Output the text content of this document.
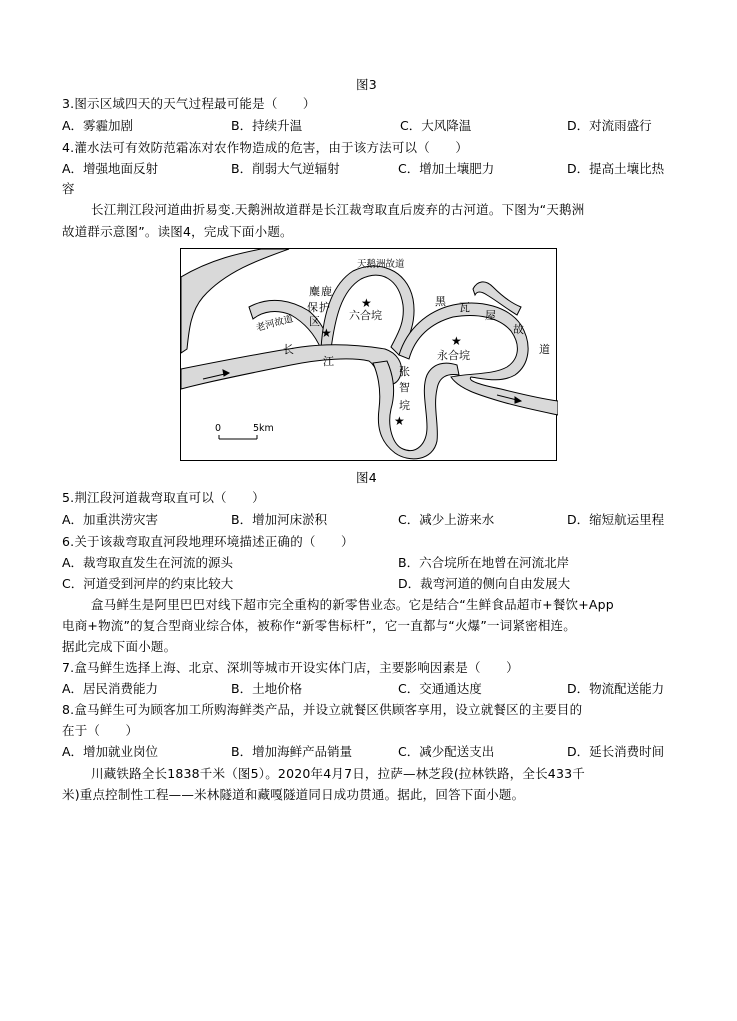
图3
3.图示区域四天的天气过程最可能是（　　）
A．雾霾加剧	B．持续升温	C．大风降温	D．对流雨盛行
4.灌水法可有效防范霜冻对农作物造成的危害，由于该方法可以（　　）
A．增强地面反射	B．削弱大气逆辐射	C．增加土壤肥力	D．提高土壤比热
容
长江荆江段河道曲折易变.天鹅洲故道群是长江裁弯取直后废弃的古河道。下图为“天鹅洲
故道群示意图”。读图4，完成下面小题。
★
★
★
★
天鹅洲故道
麋 鹿
保 护
区
老河故道	六合垸
黑 瓦
屋
故
道
永合垸
长
江
张
智
垸
0	5km
图4
5.荆江段河道裁弯取直可以（　　）
A．加重洪涝灾害	B．增加河床淤积	C．减少上游来水	D．缩短航运里程
6.关于该裁弯取直河段地理环境描述正确的（　　）
A．裁弯取直发生在河流的源头	B．六合垸所在地曾在河流北岸
C．河道受到河岸的约束比较大	D．裁弯河道的侧向自由发展大
盒马鲜生是阿里巴巴对线下超市完全重构的新零售业态。它是结合“生鲜食品超市+餐饮+App
电商+物流”的复合型商业综合体，被称作“新零售标杆”，它一直都与“火爆”一词紧密相连。
据此完成下面小题。
7.盒马鲜生选择上海、北京、深圳等城市开设实体门店，主要影响因素是（　　）
A．居民消费能力	B．土地价格	C．交通通达度	D．物流配送能力
8.盒马鲜生可为顾客加工所购海鲜类产品，并设立就餐区供顾客享用，设立就餐区的主要目的
在于（　　）
A．增加就业岗位	B．增加海鲜产品销量	C．减少配送支出	D．延长消费时间
川藏铁路全长1838千米（图5）。2020年4月7日，拉萨—林芝段(拉林铁路，全长433千
米)重点控制性工程——米林隧道和藏嘎隧道同日成功贯通。据此，回答下面小题。
